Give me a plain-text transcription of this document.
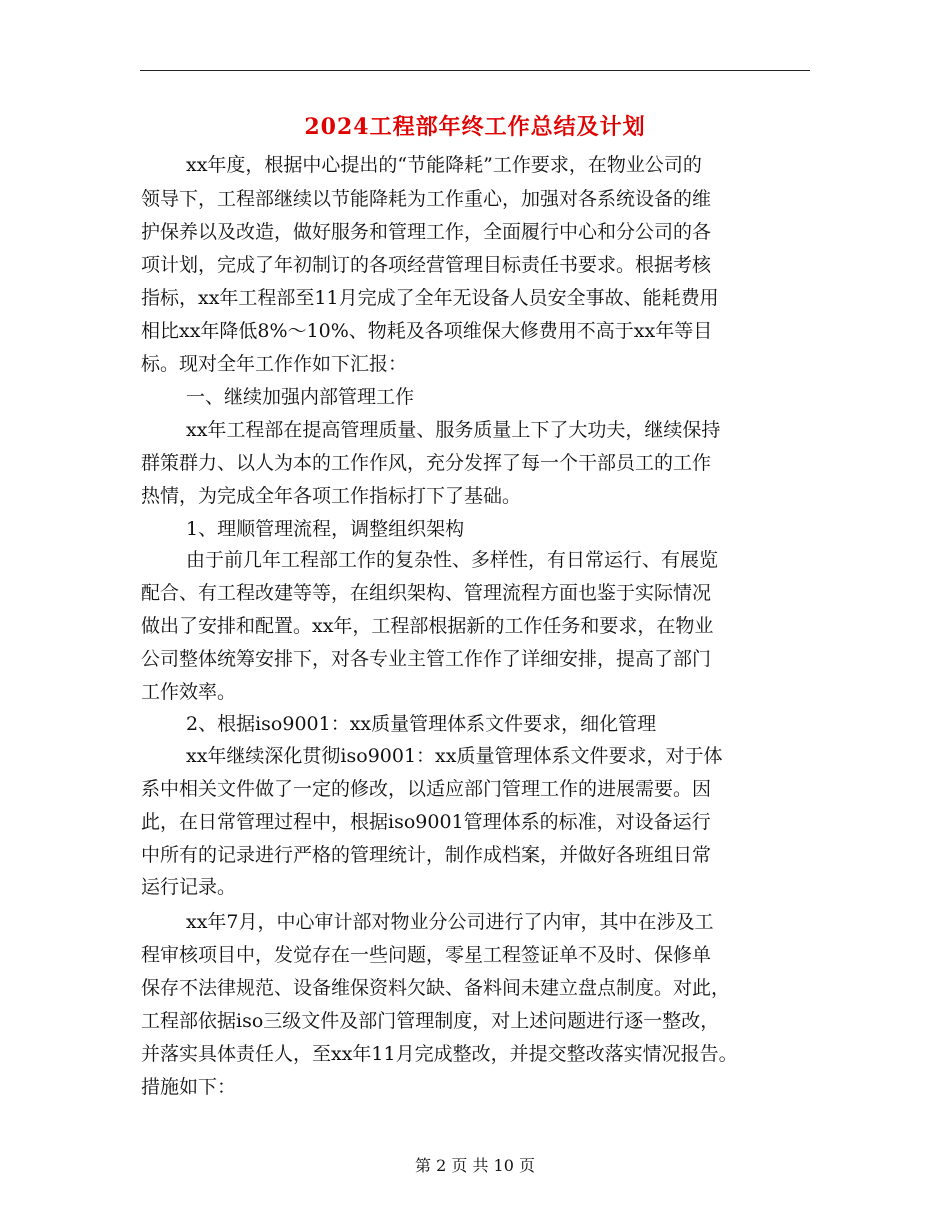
2024工程部年终工作总结及计划

xx年度，根据中心提出的“节能降耗”工作要求，在物业公司的

领导下，工程部继续以节能降耗为工作重心，加强对各系统设备的维

护保养以及改造，做好服务和管理工作，全面履行中心和分公司的各

项计划，完成了年初制订的各项经营管理目标责任书要求。根据考核

指标，xx年工程部至11月完成了全年无设备人员安全事故、能耗费用

相比xx年降低8%～10%、物耗及各项维保大修费用不高于xx年等目

标。现对全年工作作如下汇报：

一、继续加强内部管理工作

xx年工程部在提高管理质量、服务质量上下了大功夫，继续保持

群策群力、以人为本的工作作风，充分发挥了每一个干部员工的工作

热情，为完成全年各项工作指标打下了基础。

1、理顺管理流程，调整组织架构

由于前几年工程部工作的复杂性、多样性，有日常运行、有展览

配合、有工程改建等等，在组织架构、管理流程方面也鉴于实际情况

做出了安排和配置。xx年，工程部根据新的工作任务和要求，在物业

公司整体统筹安排下，对各专业主管工作作了详细安排，提高了部门

工作效率。

2、根据iso9001：xx质量管理体系文件要求，细化管理

xx年继续深化贯彻iso9001：xx质量管理体系文件要求，对于体

系中相关文件做了一定的修改，以适应部门管理工作的进展需要。因

此，在日常管理过程中，根据iso9001管理体系的标准，对设备运行

中所有的记录进行严格的管理统计，制作成档案，并做好各班组日常

运行记录。

xx年7月，中心审计部对物业分公司进行了内审，其中在涉及工

程审核项目中，发觉存在一些问题，零星工程签证单不及时、保修单

保存不法律规范、设备维保资料欠缺、备料间未建立盘点制度。对此，

工程部依据iso三级文件及部门管理制度，对上述问题进行逐一整改，

并落实具体责任人，至xx年11月完成整改，并提交整改落实情况报告。

措施如下：

第 2 页 共 10 页
